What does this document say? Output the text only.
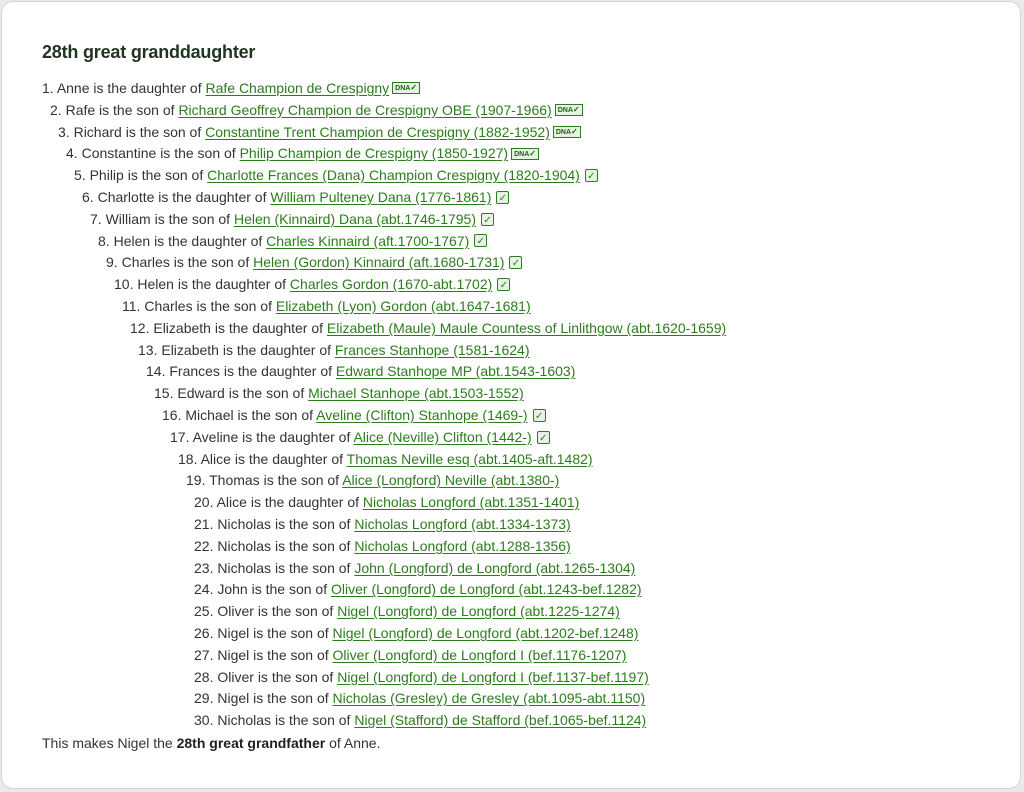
28th great granddaughter
1. Anne is the daughter of Rafe Champion de Crespigny DNA✓
2. Rafe is the son of Richard Geoffrey Champion de Crespigny OBE (1907-1966) DNA✓
3. Richard is the son of Constantine Trent Champion de Crespigny (1882-1952) DNA✓
4. Constantine is the son of Philip Champion de Crespigny (1850-1927) DNA✓
5. Philip is the son of Charlotte Frances (Dana) Champion Crespigny (1820-1904) ✓
6. Charlotte is the daughter of William Pulteney Dana (1776-1861) ✓
7. William is the son of Helen (Kinnaird) Dana (abt.1746-1795) ✓
8. Helen is the daughter of Charles Kinnaird (aft.1700-1767) ✓
9. Charles is the son of Helen (Gordon) Kinnaird (aft.1680-1731) ✓
10. Helen is the daughter of Charles Gordon (1670-abt.1702) ✓
11. Charles is the son of Elizabeth (Lyon) Gordon (abt.1647-1681)
12. Elizabeth is the daughter of Elizabeth (Maule) Maule Countess of Linlithgow (abt.1620-1659)
13. Elizabeth is the daughter of Frances Stanhope (1581-1624)
14. Frances is the daughter of Edward Stanhope MP (abt.1543-1603)
15. Edward is the son of Michael Stanhope (abt.1503-1552)
16. Michael is the son of Aveline (Clifton) Stanhope (1469-) ✓
17. Aveline is the daughter of Alice (Neville) Clifton (1442-) ✓
18. Alice is the daughter of Thomas Neville esq (abt.1405-aft.1482)
19. Thomas is the son of Alice (Longford) Neville (abt.1380-)
20. Alice is the daughter of Nicholas Longford (abt.1351-1401)
21. Nicholas is the son of Nicholas Longford (abt.1334-1373)
22. Nicholas is the son of Nicholas Longford (abt.1288-1356)
23. Nicholas is the son of John (Longford) de Longford (abt.1265-1304)
24. John is the son of Oliver (Longford) de Longford (abt.1243-bef.1282)
25. Oliver is the son of Nigel (Longford) de Longford (abt.1225-1274)
26. Nigel is the son of Nigel (Longford) de Longford (abt.1202-bef.1248)
27. Nigel is the son of Oliver (Longford) de Longford I (bef.1176-1207)
28. Oliver is the son of Nigel (Longford) de Longford I (bef.1137-bef.1197)
29. Nigel is the son of Nicholas (Gresley) de Gresley (abt.1095-abt.1150)
30. Nicholas is the son of Nigel (Stafford) de Stafford (bef.1065-bef.1124)
This makes Nigel the 28th great grandfather of Anne.
